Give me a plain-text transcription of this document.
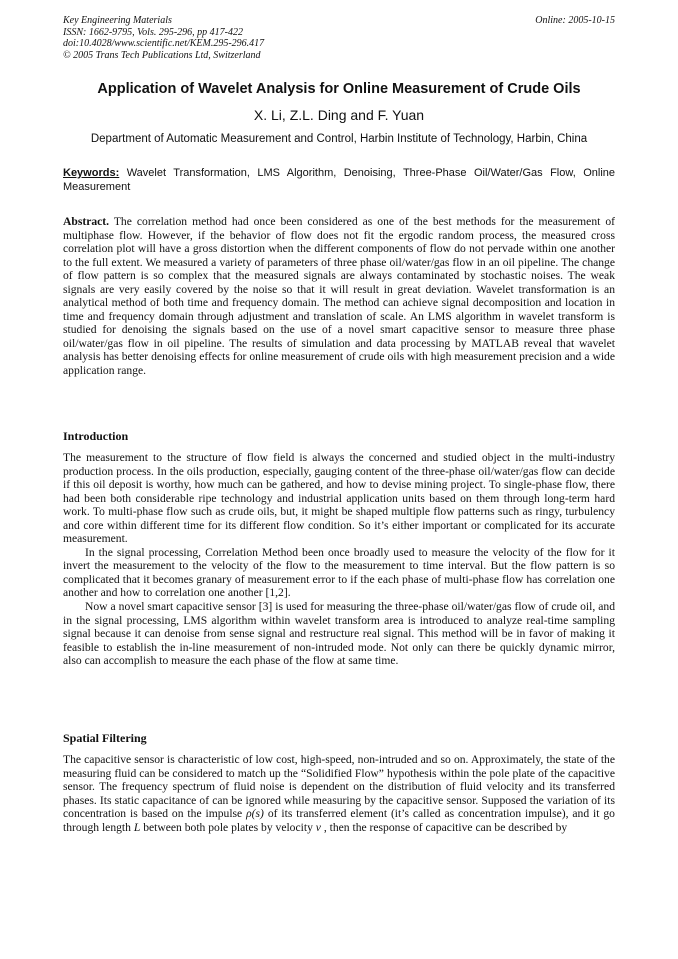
Key Engineering Materials
ISSN: 1662-9795, Vols. 295-296, pp 417-422
doi:10.4028/www.scientific.net/KEM.295-296.417
© 2005 Trans Tech Publications Ltd, Switzerland
Online: 2005-10-15
Application of Wavelet Analysis for Online Measurement of Crude Oils
X. Li, Z.L. Ding and F. Yuan
Department of Automatic Measurement and Control, Harbin Institute of Technology, Harbin, China
Keywords: Wavelet Transformation, LMS Algorithm, Denoising, Three-Phase Oil/Water/Gas Flow, Online Measurement
Abstract. The correlation method had once been considered as one of the best methods for the measurement of multiphase flow. However, if the behavior of flow does not fit the ergodic random process, the measured cross correlation plot will have a gross distortion when the different components of flow do not pervade within one another to the full extent. We measured a variety of parameters of three phase oil/water/gas flow in an oil pipeline. The change of flow pattern is so complex that the measured signals are always contaminated by stochastic noises. The weak signals are very easily covered by the noise so that it will result in great deviation. Wavelet transformation is an analytical method of both time and frequency domain. The method can achieve signal decomposition and location in time and frequency domain through adjustment and translation of scale. An LMS algorithm in wavelet transform is studied for denoising the signals based on the use of a novel smart capacitive sensor to measure three phase oil/water/gas flow in oil pipeline. The results of simulation and data processing by MATLAB reveal that wavelet analysis has better denoising effects for online measurement of crude oils with high measurement precision and a wide application range.
Introduction

The measurement to the structure of flow field is always the concerned and studied object in the multi-industry production process. In the oils production, especially, gauging content of the three-phase oil/water/gas flow can decide if this oil deposit is worthy, how much can be gathered, and how to devise mining project. To single-phase flow, there had been both considerable ripe technology and industrial application units based on them through long-term hard work. To multi-phase flow such as crude oils, but, it might be shaped multiple flow patterns such as ringy, turbulency and core within different time for its different flow condition. So it’s either important or complicated for its accurate measurement.

In the signal processing, Correlation Method been once broadly used to measure the velocity of the flow for it invert the measurement to the velocity of the flow to the measurement to time interval. But the flow pattern is so complicated that it becomes granary of measurement error to if the each phase of multi-phase flow has correlation one another and how to correlation one another [1,2].

Now a novel smart capacitive sensor [3] is used for measuring the three-phase oil/water/gas flow of crude oil, and in the signal processing, LMS algorithm within wavelet transform area is introduced to analyze real-time sampling signal because it can denoise from sense signal and restructure real signal. This method will be in favor of making it feasible to establish the in-line measurement of non-intruded mode. Not only can there be quickly dynamic mirror, also can accomplish to measure the each phase of the flow at same time.

Spatial Filtering

The capacitive sensor is characteristic of low cost, high-speed, non-intruded and so on. Approximately, the state of the measuring fluid can be considered to match up the “Solidified Flow” hypothesis within the pole plate of the capacitive sensor. The frequency spectrum of fluid noise is dependent on the distribution of fluid velocity and its transferred phases. Its static capacitance of can be ignored while measuring by the capacitive sensor. Supposed the variation of its concentration is based on the impulse ρ(s) of its transferred element (it’s called as concentration impulse), and it go through length L between both pole plates by velocity v , then the response of capacitive can be described by
